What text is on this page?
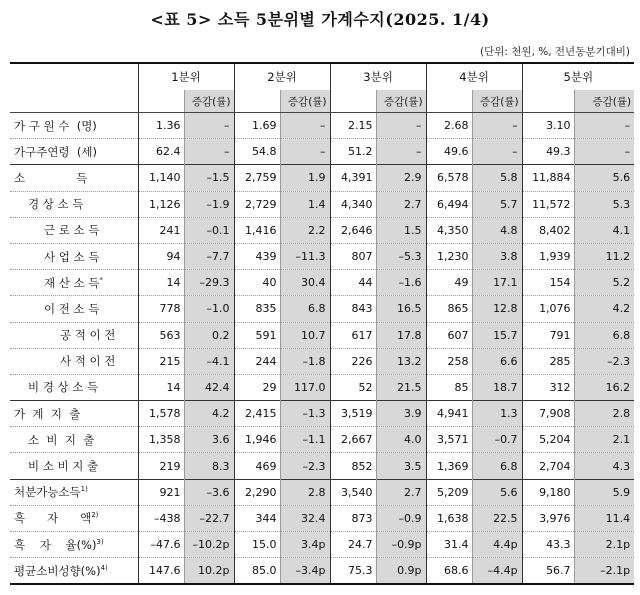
<표 5> 소득 5분위별 가계수지(2025. 1/4)
(단위: 천원, %, 전년동분기대비)
	1분위		2분위		3분위		4분위		5분위	
		증감(률)		증감(률)		증감(률)		증감(률)		증감(률)
가 구 원 수  (명)	1.36	–	1.69	–	2.15	–	2.68	–	3.10	–
가구주연령  (세)	62.4	–	54.8	–	51.2	–	49.6	–	49.3	–
소              득	1,140	–1.5	2,759	1.9	4,391	2.9	6,578	5.8	11,884	5.6
경 상 소 득	1,126	–1.9	2,729	1.4	4,340	2.7	6,494	5.7	11,572	5.3
근 로 소 득	241	–0.1	1,416	2.2	2,646	1.5	4,350	4.8	8,402	4.1
사 업 소 득	94	–7.7	439	–11.3	807	–5.3	1,230	3.8	1,939	11.2
재 산 소 득*	14	–29.3	40	30.4	44	–1.6	49	17.1	154	5.2
이 전 소 득	778	–1.0	835	6.8	843	16.5	865	12.8	1,076	4.2
공 적 이 전	563	0.2	591	10.7	617	17.8	607	15.7	791	6.8
사 적 이 전	215	–4.1	244	–1.8	226	13.2	258	6.6	285	–2.3
비 경 상 소 득	14	42.4	29	117.0	52	21.5	85	18.7	312	16.2
가  계  지  출	1,578	4.2	2,415	–1.3	3,519	3.9	4,941	1.3	7,908	2.8
소  비  지  출	1,358	3.6	1,946	–1.1	2,667	4.0	3,571	–0.7	5,204	2.1
비 소 비 지 출	219	8.3	469	–2.3	852	3.5	1,369	6.8	2,704	4.3
처분가능소득$^{1)}$	921	–3.6	2,290	2.8	3,540	2.7	5,209	5.6	9,180	5.9
흑      자      액$^{2)}$	–438	–22.7	344	32.4	873	–0.9	1,638	22.5	3,976	11.4
흑    자    율(%)$^{3)}$	–47.6	–10.2p	15.0	3.4p	24.7	–0.9p	31.4	4.4p	43.3	2.1p
평균소비성향(%)$^{4)}$	147.6	10.2p	85.0	–3.4p	75.3	0.9p	68.6	–4.4p	56.7	–2.1p
